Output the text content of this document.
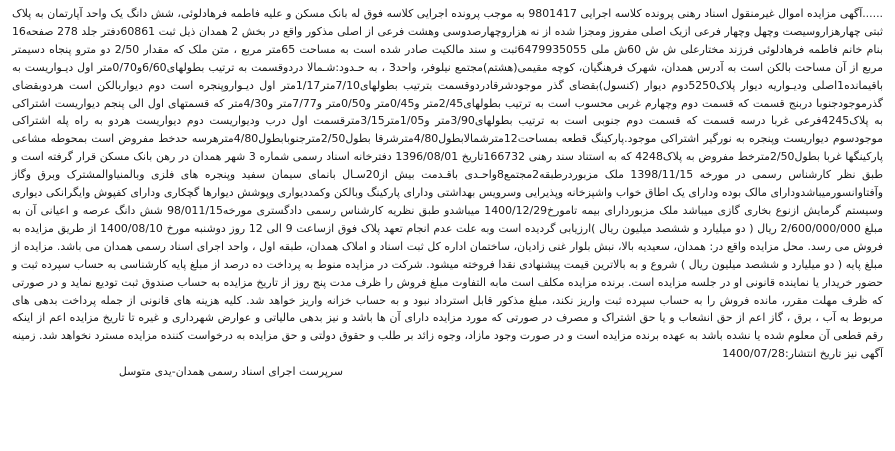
......آگهی مزایده اموال غیرمنقول اسناد رهنی پرونده کلاسه اجرایی 9801417 به موجب پرونده اجرایی کلاسه فوق له بانک مسکن و علیه فاطمه فرهادلوئی، شش دانگ یک واحد آپارتمان به پلاک ثبتی چهارهزاروسیصت وچهل وچهار فرعی ازیک اصلی مفروز ومجزا شده از نه هزاروچهارصدوسی وهشت فرعی از اصلی مذکور واقع در بخش 2 همدان ذیل ثبت 60861دفتر جلد 278 صفحه16 بنام خانم فاطمه فرهادلوئی فرزند مختارعلی ش ش 60ش ملی 6479935055ثبت و سند مالکیت صادر شده است به مساحت 65متر مربع ، متن ملک که مقدار 2/50 دو مترو پنجاه دسیمتر مربع از آن مساحت بالکن است به آدرس همدان، شهرک فرهنگیان، کوچه مقیمی(هشتم)مجتمع نیلوفر، واحد3 ، به حـدود:شـمالا دردوقسمت به ترتیب بطولهای6/60و0/70متر اول دیـواریست به باقیمانده1اصلی ودیـواریه دیوار پلاک5250دوم دیوار (کنسول)بقضای گذر موجودشرقادردوقسمت بترتیب بطولهای7/10متر1/17متر اول دیـواروپنجره است دوم دیواربالکن است هردوبقضای گذرموجودجنوبا دربنج قسمت که قسمت دوم وچهارم غربی محسوب است به ترتیب بطولهای2/45متر و0/45متر و0/50متر و7/77متر و4/30متر که قسمتهای اول الی پنجم دیواریست اشتراکی به پلاک4245فرعی غربا درسه قسمت که قسمت دوم جنوبی است به ترتیب بطولهای3/90متر و1/05متر3/15مترقسمت اول درب ودیواریست دوم دیواریست هردو به راه پله اشتراکی موجودسوم دیواریست وپنجره به نورگیر اشتراکی موجود.پارکینگ قطعه بمساحت12مترشمالابطول4/80مترشرقا بطول2/50مترجنوبابطول4/80مترهرسه حدخط مفروض است بمحوطه مشاعی پارکینگها غربا بطول2/50مترخط مفروض به پلاک4248 که به استناد سند رهنی 166732تاریخ 1396/08/01 دفترخانه اسناد رسمی شماره 3 شهر همدان در رهن بانک مسکن قرار گرفته است و طبق نظر کارشناس رسمی در مورخه 1398/11/15 ملک مزبوردرطبقه2مجتمع8واحـدی باقـدمت بیش از20سـال بانمای سیمان سفید وپنجره های فلزی وبالمنیاوالمشترک وبرق وگاز وآفتاوانسورمیباشدودارای مالک بوده ودارای یک اطاق خواب واشپزخانه وپذیرایی وسرویس بهداشتی ودارای پارکینگ وبالکن وکمددیواری وپوشش دیوارها گچکاری ودارای کفپوش وایگرانکی دیواری وسیستم گرمایش ازنوع بخاری گازی میباشد ملک مزبوردارای بیمه تامورخ1400/12/29 میباشدو طبق نظریه کارشناس رسمی دادگستری مورخه98/011/15 شش دانگ عرصه و اعیانی آن به مبلغ 2/600/000/000 ریال ( دو میلیارد و ششصد میلیون ریال )ارزیابی گردیده است وبه علت عدم انجام تعهد پلاک فوق ازساعت 9 الی 12 روز دوشنبه مورخ 1400/08/10 از طریق مزایده به فروش می رسد. محل مزایده واقع در: همدان، سعیدیه بالا، نبش بلوار غنی زادیان، ساختمان اداره کل ثبت اسناد و املاک همدان، طبقه اول ، واحد اجرای اسناد رسمی همدان می باشد. مزایده از مبلغ پایه ( دو میلیارد و ششصد میلیون ریال ) شروع و به بالاترین قیمت پیشنهادی نقدا فروخته میشود. شرکت در مزایده منوط به پرداخت ده درصد از مبلغ پایه کارشناسی به حساب سپرده ثبت و حضور خریدار یا نماینده قانونی او در جلسه مزایده است. برنده مزایده مکلف است مابه التفاوت مبلغ فروش را ظرف مدت پنج روز از تاریخ مزایده به حساب صندوق ثبت تودیع نماید و در صورتی که ظرف مهلت مقرر، مانده فروش را به حساب سپرده ثبت واریز نکند، مبلغ مذکور قابل استرداد نبود و به حساب خزانه واریز خواهد شد. کلیه هزینه های قانونی از جمله پرداخت بدهی های مربوط به آب ، برق ، گاز اعم از حق انشعاب و یا حق اشتراک و مصرف در صورتی که مورد مزایده دارای آن ها باشد و نیز بدهی مالیاتی و عوارض شهرداری و غیره تا تاریخ مزایده اعم از اینکه رقم قطعی آن معلوم شده یا نشده باشد به عهده برنده مزایده است و در صورت وجود مازاد، وجوه زائد بر طلب و حقوق دولتی و حق مزایده به درخواست کننده مزایده مسترد نخواهد شد. زمینه آگهی نیز تاریخ انتشار:1400/07/28

سرپرست اجرای اسناد رسمی همدان-یدی متوسل
